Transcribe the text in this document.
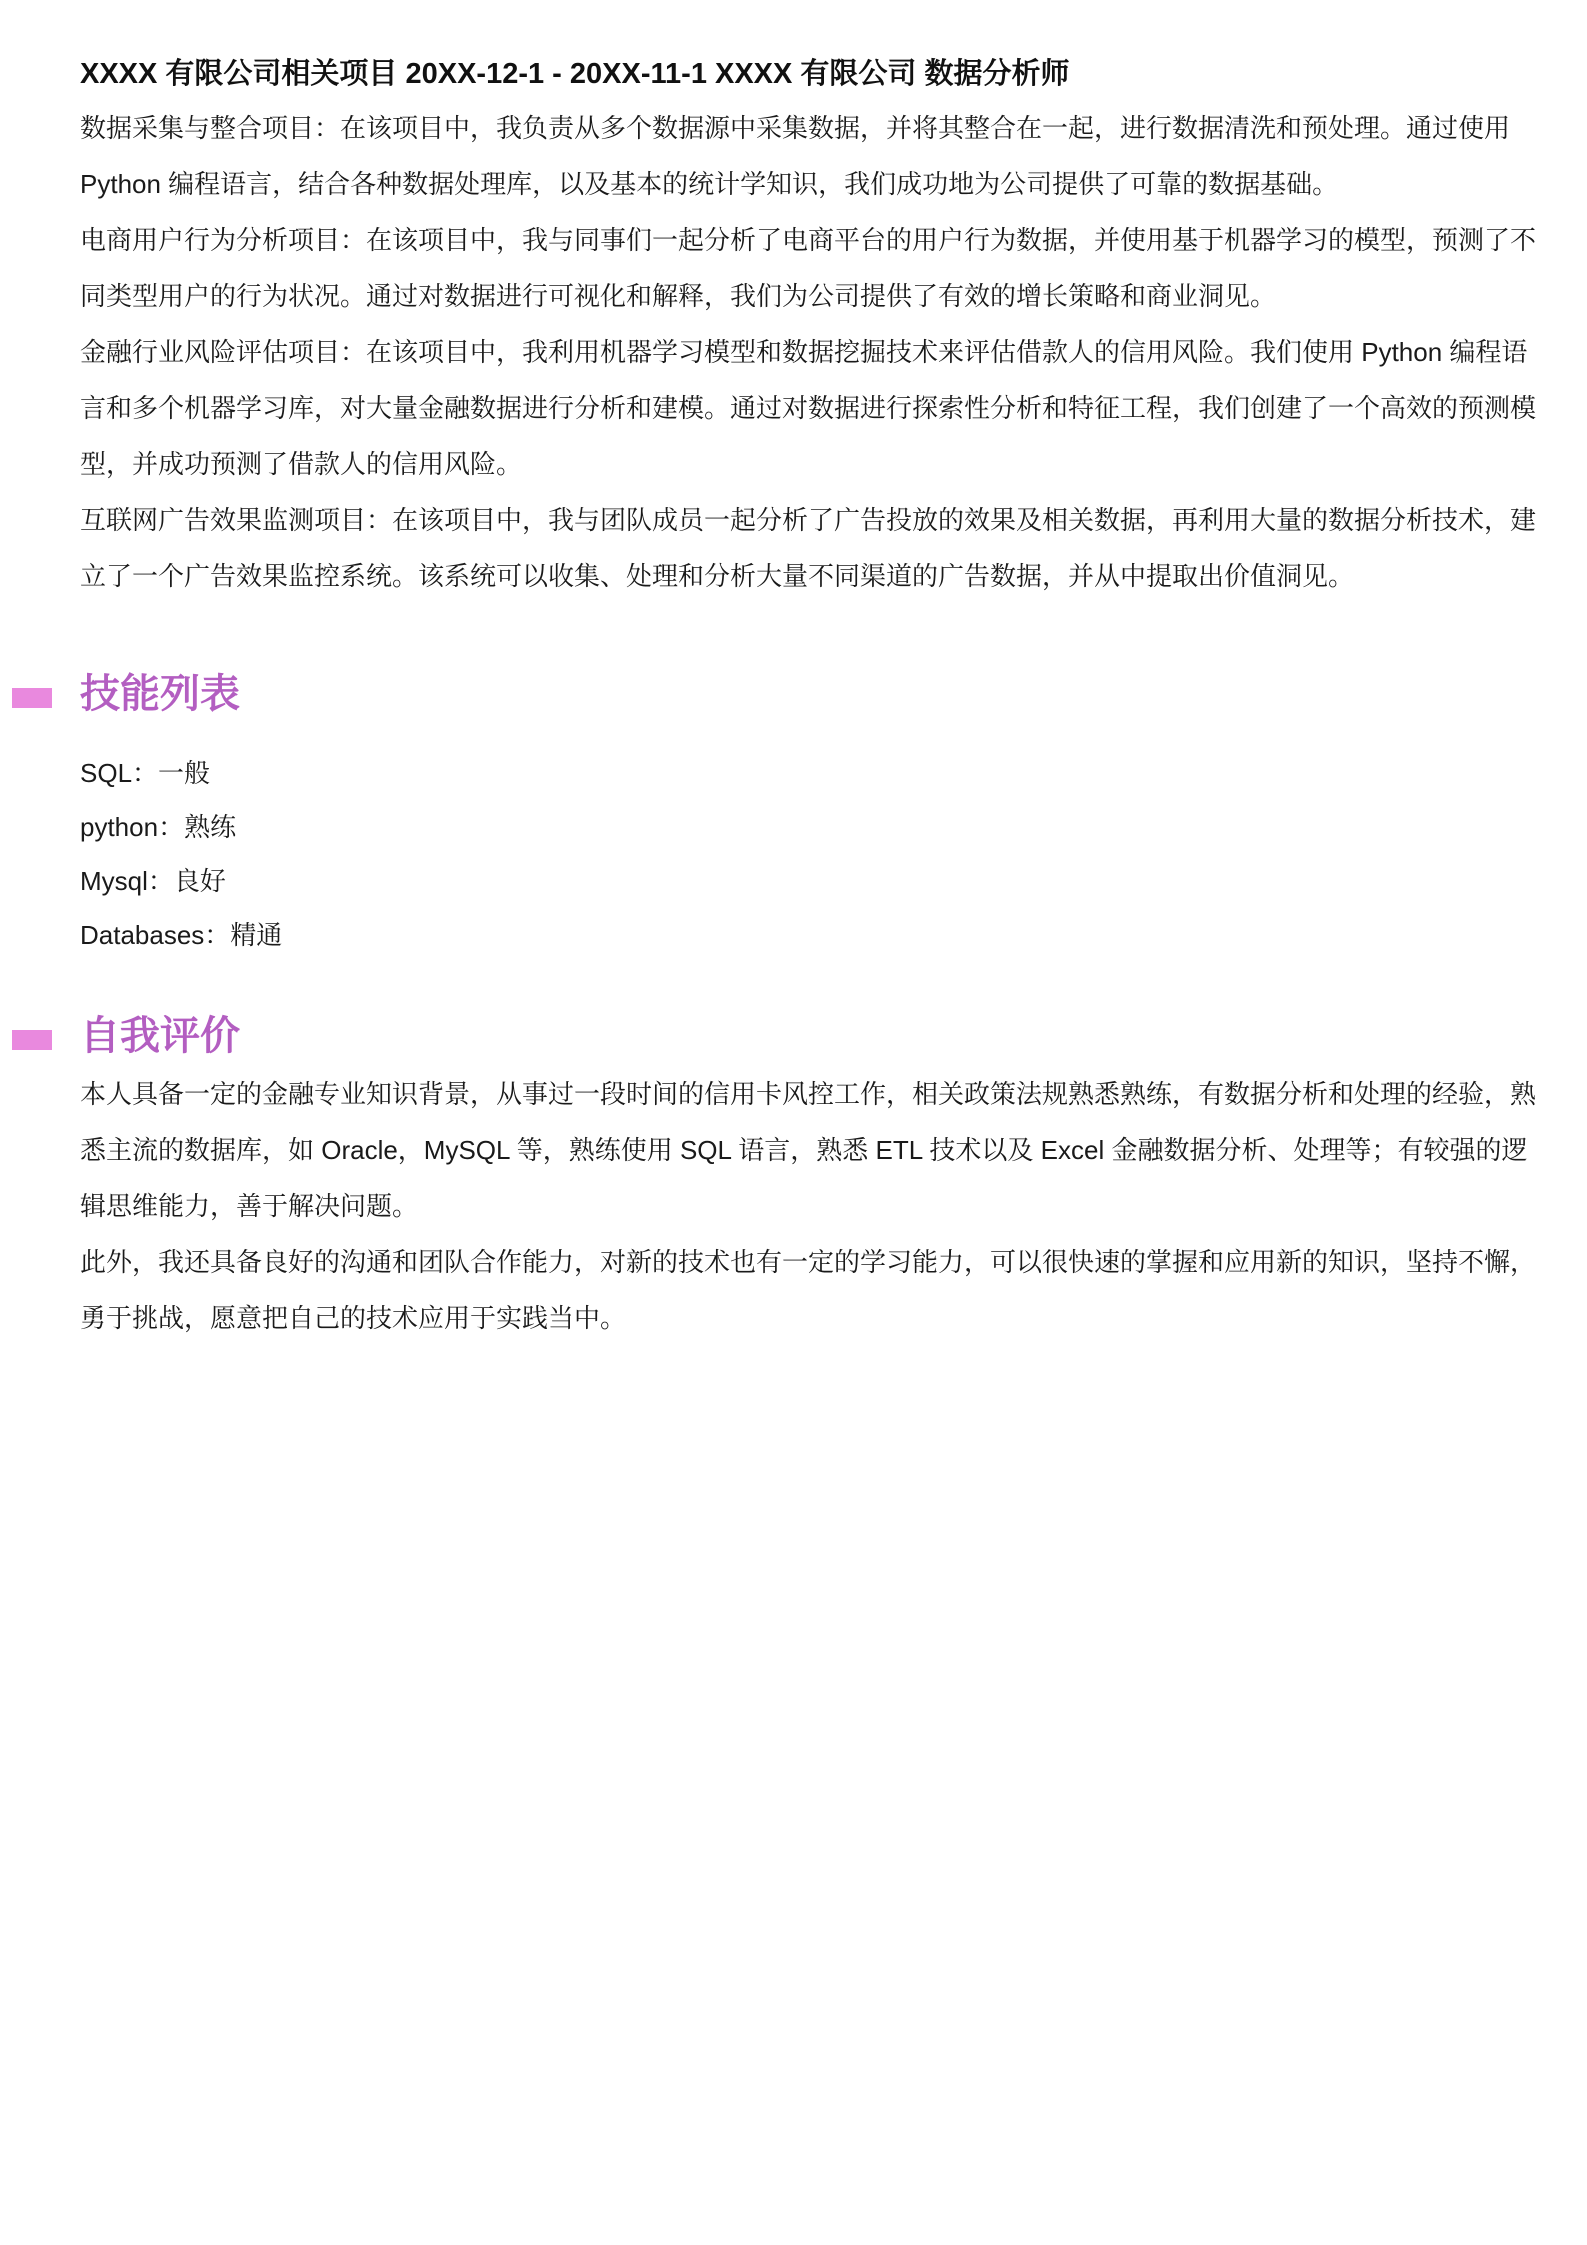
XXXX 有限公司相关项目 20XX-12-1 - 20XX-11-1 XXXX 有限公司 数据分析师

数据采集与整合项目：在该项目中，我负责从多个数据源中采集数据，并将其整合在一起，进行数据清洗和预处理。通过使用 Python 编程语言，结合各种数据处理库，以及基本的统计学知识，我们成功地为公司提供了可靠的数据基础。

电商用户行为分析项目：在该项目中，我与同事们一起分析了电商平台的用户行为数据，并使用基于机器学习的模型，预测了不同类型用户的行为状况。通过对数据进行可视化和解释，我们为公司提供了有效的增长策略和商业洞见。

金融行业风险评估项目：在该项目中，我利用机器学习模型和数据挖掘技术来评估借款人的信用风险。我们使用 Python 编程语言和多个机器学习库，对大量金融数据进行分析和建模。通过对数据进行探索性分析和特征工程，我们创建了一个高效的预测模型，并成功预测了借款人的信用风险。

互联网广告效果监测项目：在该项目中，我与团队成员一起分析了广告投放的效果及相关数据，再利用大量的数据分析技术，建立了一个广告效果监控系统。该系统可以收集、处理和分析大量不同渠道的广告数据，并从中提取出价值洞见。

技能列表

SQL：一般

python：熟练

Mysql：良好

Databases：精通

自我评价

本人具备一定的金融专业知识背景，从事过一段时间的信用卡风控工作，相关政策法规熟悉熟练，有数据分析和处理的经验，熟悉主流的数据库，如 Oracle，MySQL 等，熟练使用 SQL 语言，熟悉 ETL 技术以及 Excel 金融数据分析、处理等；有较强的逻辑思维能力，善于解决问题。

此外，我还具备良好的沟通和团队合作能力，对新的技术也有一定的学习能力，可以很快速的掌握和应用新的知识，坚持不懈，勇于挑战，愿意把自己的技术应用于实践当中。
